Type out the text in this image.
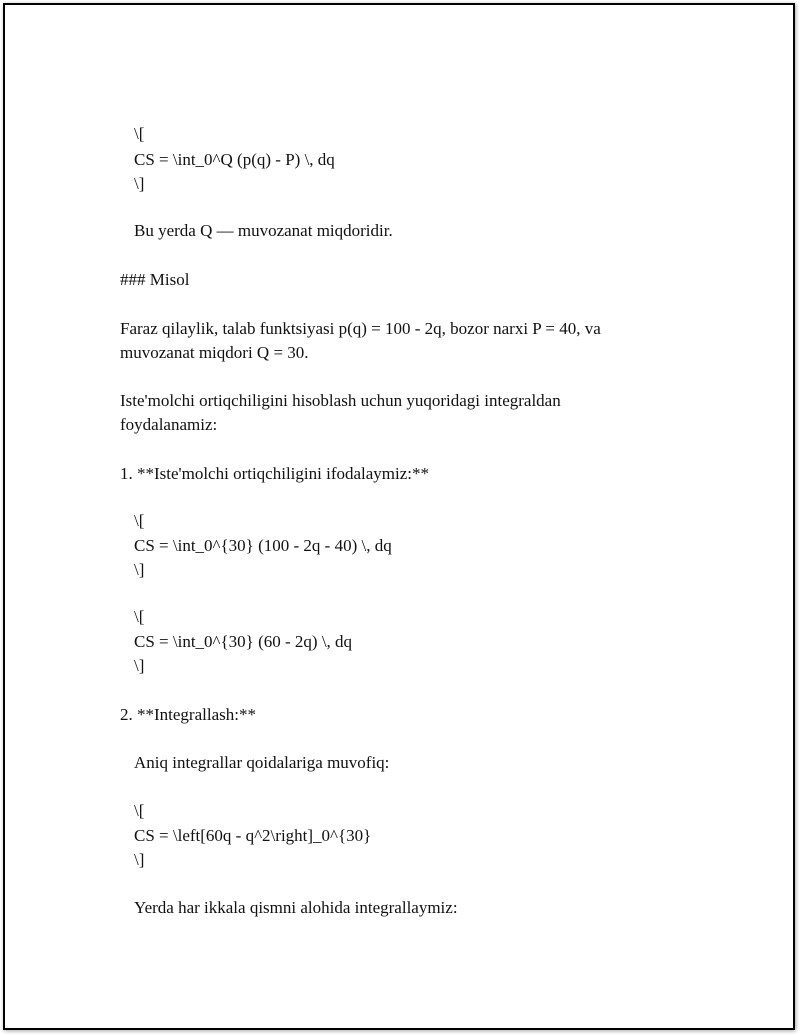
\[
CS = \int_0^Q (p(q) - P) \, dq
\]
Bu yerda Q — muvozanat miqdoridir.
### Misol
Faraz qilaylik, talab funktsiyasi p(q) = 100 - 2q, bozor narxi P = 40, va
muvozanat miqdori Q = 30.
Iste'molchi ortiqchiligini hisoblash uchun yuqoridagi integraldan
foydalanamiz:
1. **Iste'molchi ortiqchiligini ifodalaymiz:**
\[
CS = \int_0^{30} (100 - 2q - 40) \, dq
\]
\[
CS = \int_0^{30} (60 - 2q) \, dq
\]
2. **Integrallash:**
Aniq integrallar qoidalariga muvofiq:
\[
CS = \left[60q - q^2\right]_0^{30}
\]
Yerda har ikkala qismni alohida integrallaymiz:
